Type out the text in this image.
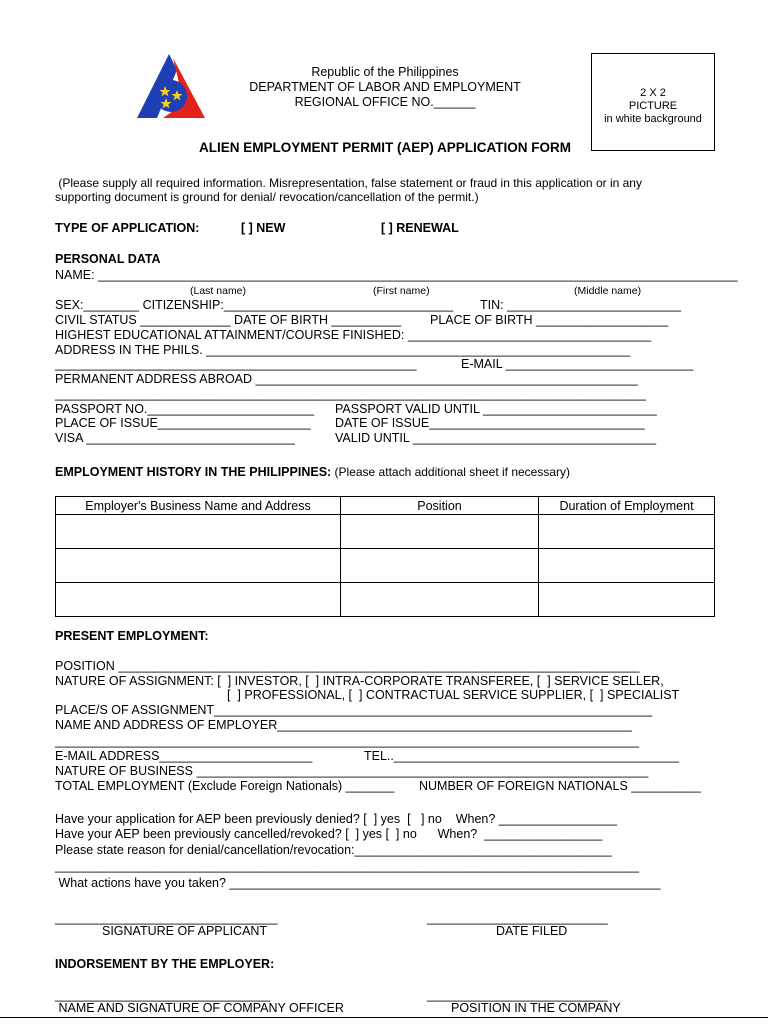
Republic of the Philippines
DEPARTMENT OF LABOR AND EMPLOYMENT
REGIONAL OFFICE NO.______
2 X 2
PICTURE
in white background
ALIEN EMPLOYMENT PERMIT (AEP) APPLICATION FORM
(Please supply all required information. Misrepresentation, false statement or fraud in this application or in any
supporting document is ground for denial/ revocation/cancellation of the permit.)
TYPE OF APPLICATION:	[ ] NEW	[ ] RENEWAL
PERSONAL DATA
NAME: ____________________________________________________________________________________________
(Last name)	(First name)	(Middle name)
SEX:________ CITIZENSHIP:_________________________________ TIN: _________________________
CIVIL STATUS _____________ DATE OF BIRTH __________ PLACE OF BIRTH ___________________
HIGHEST EDUCATIONAL ATTAINMENT/COURSE FINISHED: ___________________________________
ADDRESS IN THE PHILS. _____________________________________________________________
____________________________________________________	E-MAIL ___________________________
PERMANENT ADDRESS ABROAD _______________________________________________________
_____________________________________________________________________________________
PASSPORT NO.________________________ PASSPORT VALID UNTIL _________________________
PLACE OF ISSUE______________________ DATE OF ISSUE_______________________________
VISA ______________________________	VALID UNTIL ___________________________________
EMPLOYMENT HISTORY IN THE PHILIPPINES: (Please attach additional sheet if necessary)
Employer's Business Name and Address	Position	Duration of Employment

PRESENT EMPLOYMENT:
POSITION ___________________________________________________________________________
NATURE OF ASSIGNMENT: [  ] INVESTOR, [  ] INTRA-CORPORATE TRANSFEREE, [  ] SERVICE SELLER,
[  ] PROFESSIONAL, [  ] CONTRACTUAL SERVICE SUPPLIER, [  ] SPECIALIST
PLACE/S OF ASSIGNMENT_______________________________________________________________
NAME AND ADDRESS OF EMPLOYER___________________________________________________
____________________________________________________________________________________
E-MAIL ADDRESS______________________	TEL.._________________________________________
NATURE OF BUSINESS _________________________________________________________________
TOTAL EMPLOYMENT (Exclude Foreign Nationals) _______ NUMBER OF FOREIGN NATIONALS __________
Have your application for AEP been previously denied? [  ] yes  [   ] no    When? _________________
Have your AEP been previously cancelled/revoked? [  ] yes [  ] no      When?  _________________
Please state reason for denial/cancellation/revocation:_____________________________________
____________________________________________________________________________________
What actions have you taken? ______________________________________________________________
________________________________
SIGNATURE OF APPLICANT
__________________________
DATE FILED
INDORSEMENT BY THE EMPLOYER:
_______________________________
NAME AND SIGNATURE OF COMPANY OFFICER
__________________________
POSITION IN THE COMPANY
